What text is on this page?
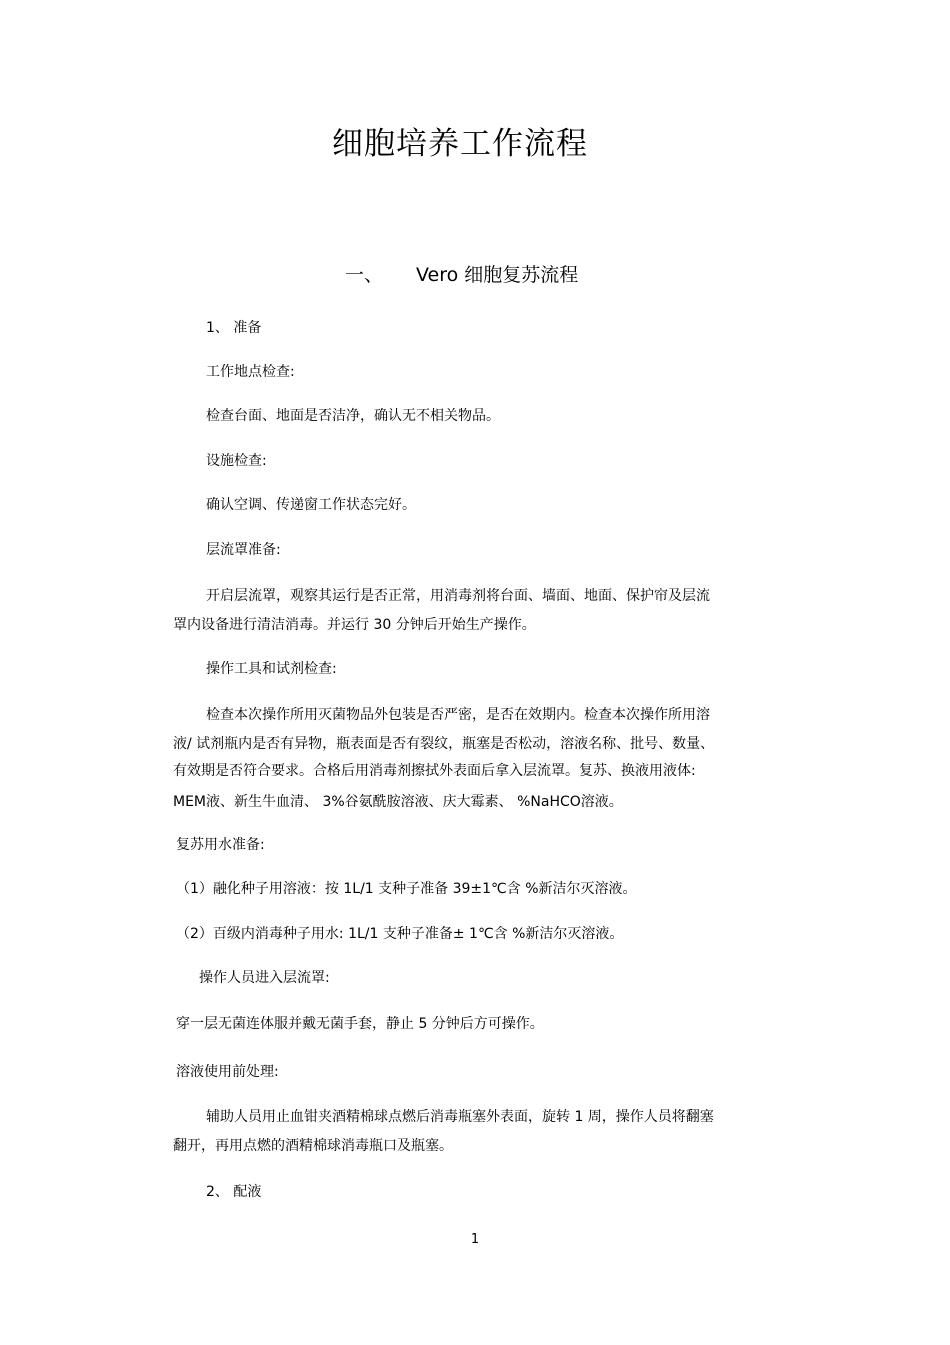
细胞培养工作流程
一、 Vero 细胞复苏流程
1、 准备
工作地点检查:
检查台面、地面是否洁净，确认无不相关物品。
设施检查:
确认空调、传递窗工作状态完好。
层流罩准备:
开启层流罩，观察其运行是否正常，用消毒剂将台面、墙面、地面、保护帘及层流
罩内设备进行清洁消毒。并运行 30 分钟后开始生产操作。
操作工具和试剂检查:
检查本次操作所用灭菌物品外包装是否严密，是否在效期内。检查本次操作所用溶
液/ 试剂瓶内是否有异物，瓶表面是否有裂纹，瓶塞是否松动，溶液名称、批号、数量、
有效期是否符合要求。合格后用消毒剂擦拭外表面后拿入层流罩。复苏、换液用液体:
MEM液、新生牛血清、 3%谷氨酰胺溶液、庆大霉素、 %NaHCO溶液。
复苏用水准备:
（1）融化种子用溶液：按 1L/1 支种子准备 39±1℃含 %新洁尔灭溶液。
（2）百级内消毒种子用水: 1L/1 支种子准备± 1℃含 %新洁尔灭溶液。
操作人员进入层流罩:
穿一层无菌连体服并戴无菌手套，静止 5 分钟后方可操作。
溶液使用前处理:
辅助人员用止血钳夹酒精棉球点燃后消毒瓶塞外表面，旋转 1 周，操作人员将翻塞
翻开，再用点燃的酒精棉球消毒瓶口及瓶塞。
2、 配液
1
